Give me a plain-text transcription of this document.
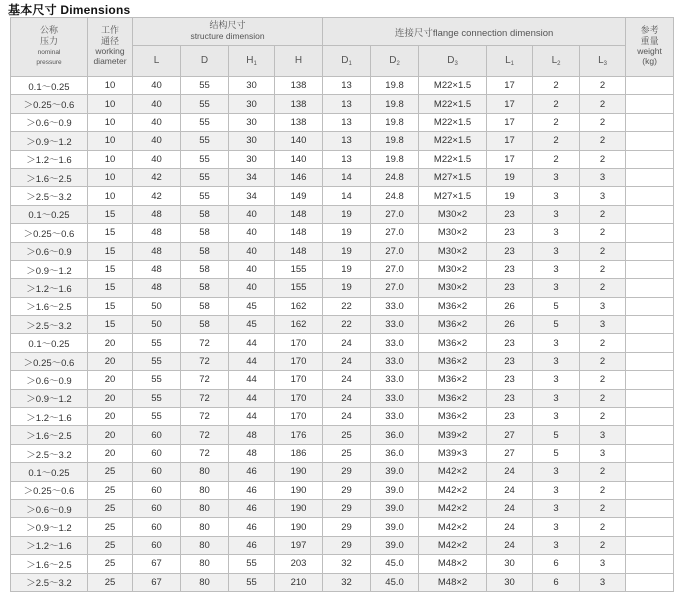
基本尺寸 Dimensions
公称
压力
nominal
pressure	工作
通径
working
diameter	结构尺寸
structure dimension				连接尺寸flange connection dimension						参考
重量
weight
(kg)
		L	D	$H_1$	H	$D_1$	$D_2$	$D_3$	$L_1$	$L_2$	$L_3$
0.1～0.25	10	40	55	30	138	13	19.8	M22×1.5	17	2	2	
＞0.25～0.6	10	40	55	30	138	13	19.8	M22×1.5	17	2	2	
＞0.6～0.9	10	40	55	30	138	13	19.8	M22×1.5	17	2	2	
＞0.9～1.2	10	40	55	30	140	13	19.8	M22×1.5	17	2	2	
＞1.2～1.6	10	40	55	30	140	13	19.8	M22×1.5	17	2	2	
＞1.6～2.5	10	42	55	34	146	14	24.8	M27×1.5	19	3	3	
＞2.5～3.2	10	42	55	34	149	14	24.8	M27×1.5	19	3	3	
0.1～0.25	15	48	58	40	148	19	27.0	M30×2	23	3	2	
＞0.25～0.6	15	48	58	40	148	19	27.0	M30×2	23	3	2	
＞0.6～0.9	15	48	58	40	148	19	27.0	M30×2	23	3	2	
＞0.9～1.2	15	48	58	40	155	19	27.0	M30×2	23	3	2	
＞1.2～1.6	15	48	58	40	155	19	27.0	M30×2	23	3	2	
＞1.6～2.5	15	50	58	45	162	22	33.0	M36×2	26	5	3	
＞2.5～3.2	15	50	58	45	162	22	33.0	M36×2	26	5	3	
0.1～0.25	20	55	72	44	170	24	33.0	M36×2	23	3	2	
＞0.25～0.6	20	55	72	44	170	24	33.0	M36×2	23	3	2	
＞0.6～0.9	20	55	72	44	170	24	33.0	M36×2	23	3	2	
＞0.9～1.2	20	55	72	44	170	24	33.0	M36×2	23	3	2	
＞1.2～1.6	20	55	72	44	170	24	33.0	M36×2	23	3	2	
＞1.6～2.5	20	60	72	48	176	25	36.0	M39×2	27	5	3	
＞2.5～3.2	20	60	72	48	186	25	36.0	M39×3	27	5	3	
0.1～0.25	25	60	80	46	190	29	39.0	M42×2	24	3	2	
＞0.25～0.6	25	60	80	46	190	29	39.0	M42×2	24	3	2	
＞0.6～0.9	25	60	80	46	190	29	39.0	M42×2	24	3	2	
＞0.9～1.2	25	60	80	46	190	29	39.0	M42×2	24	3	2	
＞1.2～1.6	25	60	80	46	197	29	39.0	M42×2	24	3	2	
＞1.6～2.5	25	67	80	55	203	32	45.0	M48×2	30	6	3	
＞2.5～3.2	25	67	80	55	210	32	45.0	M48×2	30	6	3	
